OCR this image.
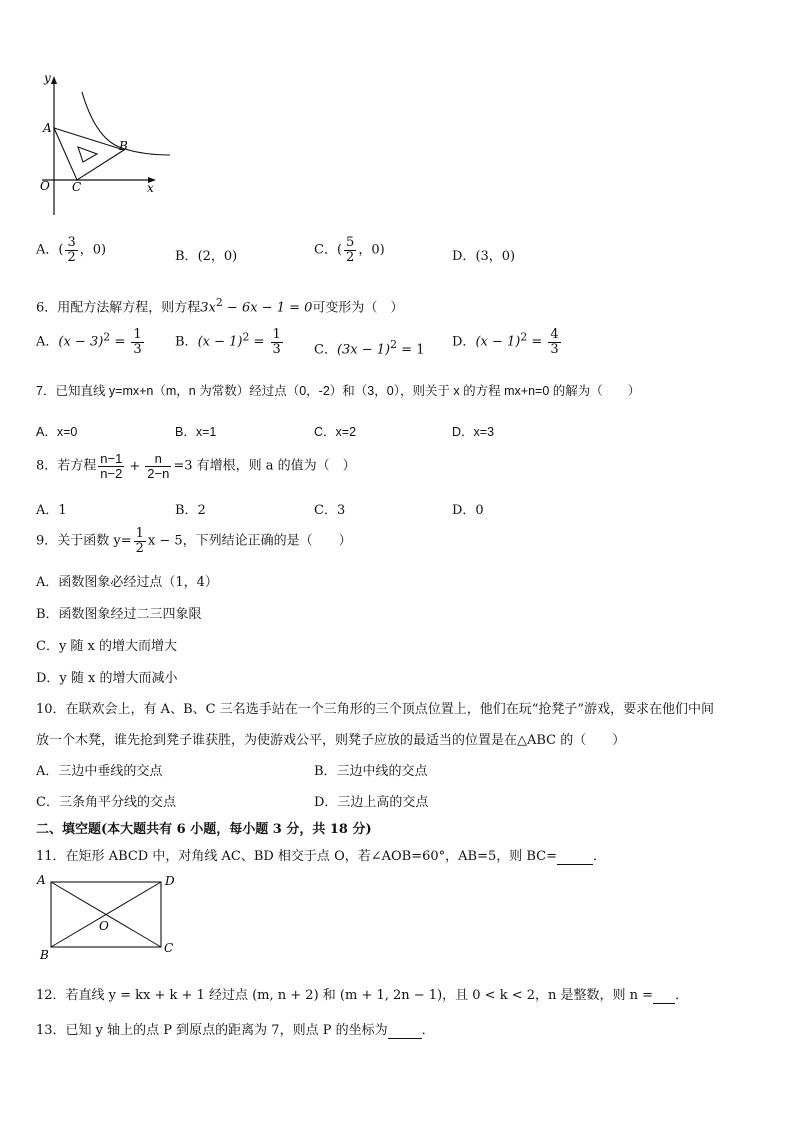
y
A
B
O C	x
A．( $\frac{3}{2}$ ，0)	B．(2，0)	C．( $\frac{5}{2}$ ，0)	D．(3，0)
6．用配方法解方程，则方程$3x^2 - 6x - 1 = 0$可变形为（　）
A．$(x - 3)^2 = \frac{1}{3}$ B．$(x - 1)^2 = \frac{1}{3}$ C．$(3x - 1)^2 = 1$
D．$(x - 1)^2 = \frac{4}{3}$
7．已知直线 y=mx+n（m，n 为常数）经过点（0，-2）和（3，0），则关于 x 的方程 mx+n=0 的解为（　　）
A．x=0	B．x=1	C．x=2	D．x=3
8．若方程 $\frac{n-1}{n-2} + \frac{n}{2-n} =3$ 有增根，则 a 的值为（　）
A．1	B．2	C．3	D．0
9．关于函数 $y= \frac{1}{2}$ x − 5，下列结论正确的是（　　）
A．函数图象必经过点（1，4）
B．函数图象经过二三四象限
C．y 随 x 的增大而增大
D．y 随 x 的增大而减小
10．在联欢会上，有 A、B、C 三名选手站在一个三角形的三个顶点位置上，他们在玩“抢凳子”游戏，要求在他们中间
放一个木凳，谁先抢到凳子谁获胜，为使游戏公平，则凳子应放的最适当的位置是在△ABC 的（　　）
A．三边中垂线的交点	B．三边中线的交点
C．三条角平分线的交点	D．三边上高的交点
二、填空题(本大题共有 6 小题，每小题 3 分，共 18 分)
11．在矩形 ABCD 中，对角线 AC、BD 相交于点 O，若∠AOB=60°，AB=5，则 BC=	．
A	D
O
B	C
12．若直线 y = kx + k + 1 经过点 (m, n + 2) 和 (m + 1, 2n − 1)，且 0 < k < 2，n 是整数，则 n = ．
13．已知 y 轴上的点 P 到原点的距离为 7，则点 P 的坐标为	．
